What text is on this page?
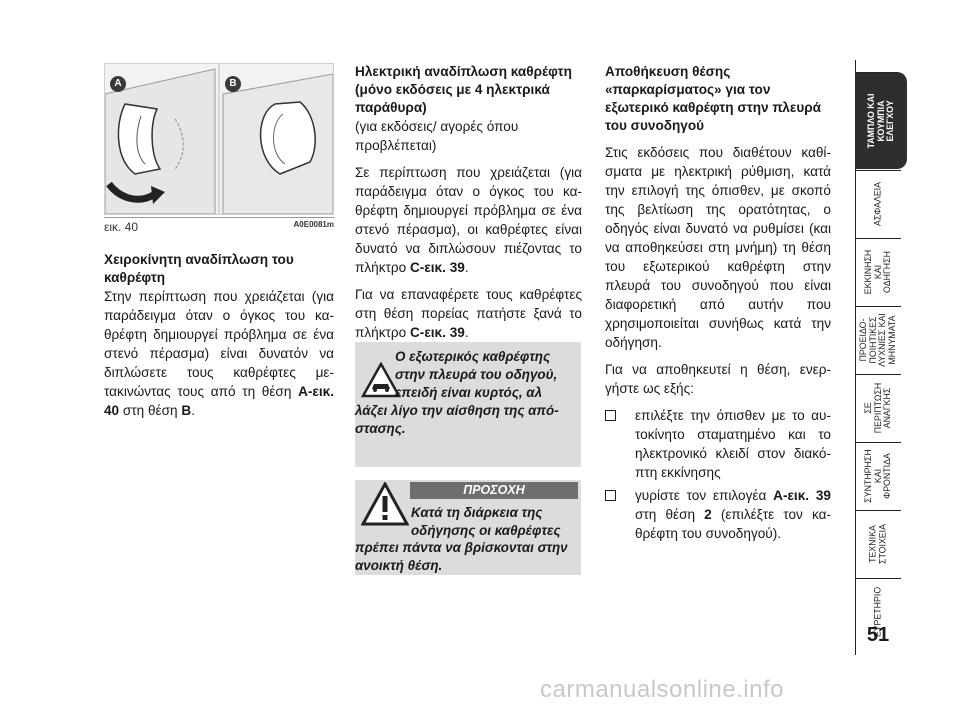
A	B
εικ. 40	A0E0081m
Χειροκίνητη αναδίπλωση του καθρέφτη

Στην περίπτωση που χρειάζεται (για παράδειγμα όταν ο όγκος του καθρέφτη δημιουργεί πρόβλημα σε ένα στενό πέρασμα) είναι δυνατόν να διπλώσετε τους καθρέφτες μετακινώντας τους από τη θέση A-εικ. 40 στη θέση B.

Ηλεκτρική αναδίπλωση καθρέφτη (μόνο εκδόσεις με 4 ηλεκτρικά παράθυρα)
(για εκδόσεις/ αγορές όπου προβλέπεται)

Σε περίπτωση που χρειάζεται (για παράδειγμα όταν ο όγκος του καθρέφτη δημιουργεί πρόβλημα σε ένα στενό πέρασμα), οι καθρέφτες είναι δυνατό να διπλώσουν πιέζοντας το πλήκτρο C-εικ. 39.

Για να επαναφέρετε τους καθρέφτες στη θέση πορείας πατήστε ξανά το πλήκτρο C-εικ. 39.

Ο εξωτερικός καθρέφτης
στην πλευρά του οδηγού,
επειδή είναι κυρτός, αλ
λάζει λίγο την αίσθηση της απόστασης.
ΠΡΟΣΟΧΗ
Κατά τη διάρκεια της
οδήγησης οι καθρέφτες
πρέπει πάντα να βρίσκονται στην ανοικτή θέση.
Αποθήκευση θέσης «παρκαρίσματος» για τον εξωτερικό καθρέφτη στην πλευρά του συνοδηγού

Στις εκδόσεις που διαθέτουν καθίσματα με ηλεκτρική ρύθμιση, κατά την επιλογή της όπισθεν, με σκοπό της βελτίωση της ορατότητας, ο οδηγός είναι δυνατό να ρυθμίσει (και να αποθηκεύσει στη μνήμη) τη θέση του εξωτερικού καθρέφτη στην πλευρά του συνοδηγού που είναι διαφορετική από αυτήν που χρησιμοποιείται συνήθως κατά την οδήγηση.

Για να αποθηκευτεί η θέση, ενεργήστε ως εξής:

επιλέξτε την όπισθεν με το αυτοκίνητο σταματημένο και το ηλεκτρονικό κλειδί στον διακόπτη εκκίνησης
γυρίστε τον επιλογέα A-εικ. 39 στη θέση 2 (επιλέξτε τον καθρέφτη του συνοδηγού).
ΤΑΜΠΛΟ ΚΑΙ
ΚΟΥΜΠΙΑ
ΕΛΕΓΧΟΥ
ΑΣΦΑΛΕΙΑ
ΕΚΚΙΝΗΣΗ
ΚΑΙ
ΟΔΗΓΗΣΗ
ΠΡΟΕΙΔΟ-
ΠΟΙΗΤΙΚΕΣ
ΛΥΧΝΙΕΣ ΚΑΙ
ΜΗΝΥΜΑΤΑ
ΣΕ
ΠΕΡΙΠΤΩΣΗ
ΑΝΑΓΚΗΣ
ΣΥΝΤΗΡΗΣΗ
ΚΑΙ
ΦΡΟΝΤΙΔΑ
ΤΕΧΝΙΚΑ
ΣΤΟΙΧΕΙΑ
ΕΥΡΕΤΗΡΙΟ
51
carmanualsonline.info
